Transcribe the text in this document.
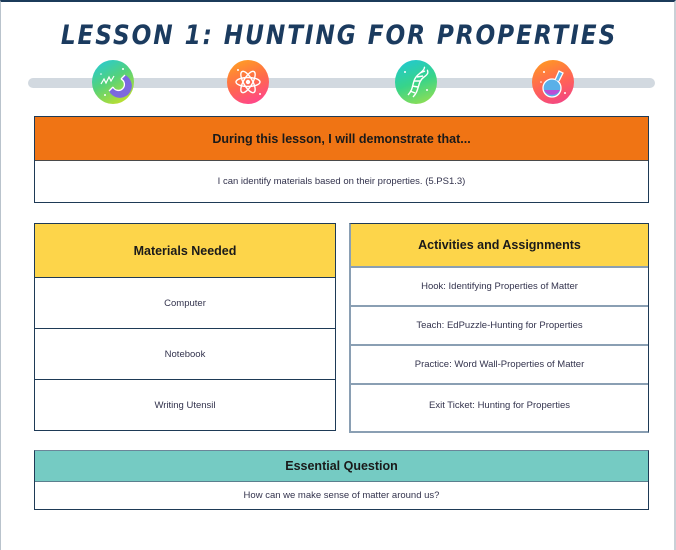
LESSON 1: HUNTING FOR PROPERTIES
During this lesson, I will demonstrate that...
I can identify materials based on their properties. (5.PS1.3)
Materials Needed
Computer
Notebook
Writing Utensil
Activities and Assignments
Hook: Identifying Properties of Matter
Teach: EdPuzzle-Hunting for Properties
Practice: Word Wall-Properties of Matter
Exit Ticket: Hunting for Properties
Essential Question
How can we make sense of matter around us?
